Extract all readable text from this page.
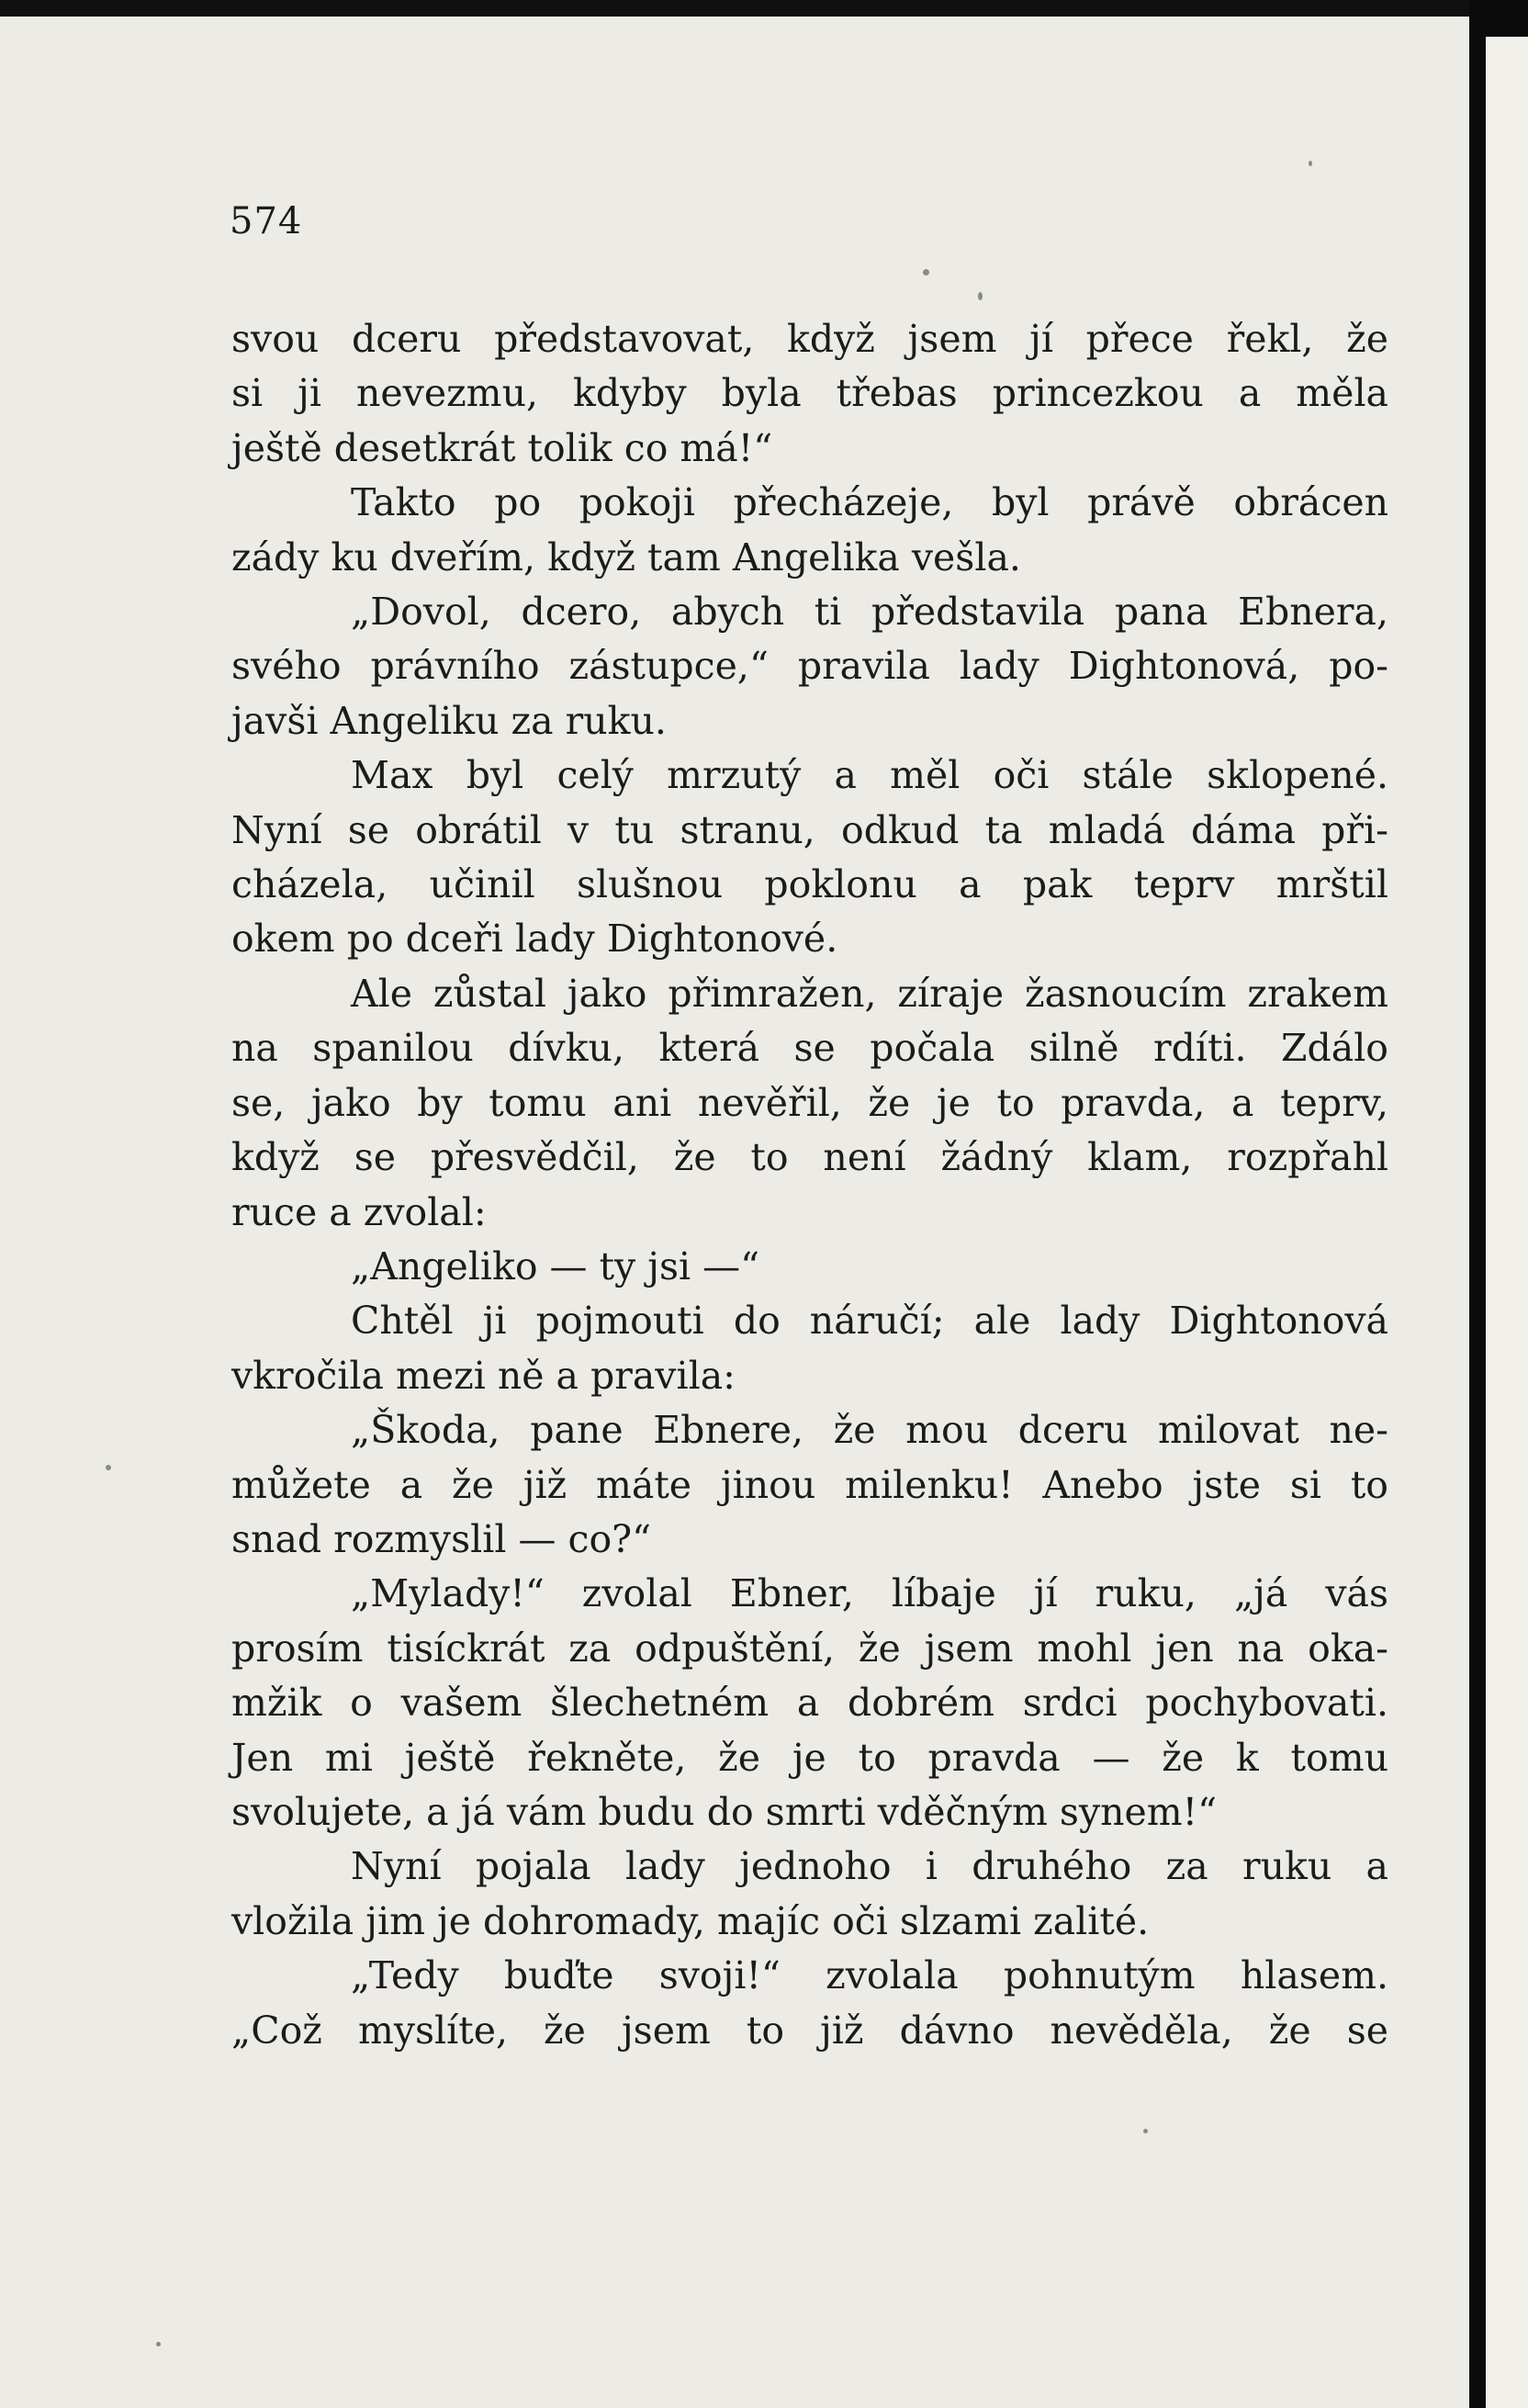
574
svou dceru představovat, když jsem jí přece řekl, že
si ji nevezmu, kdyby byla třebas princezkou a měla
ještě desetkrát tolik co má!“
Takto po pokoji přecházeje, byl právě obrácen
zády ku dveřím, když tam Angelika vešla.
„Dovol, dcero, abych ti představila pana Ebnera,
svého právního zástupce,“ pravila lady Dightonová, po-
javši Angeliku za ruku.
Max byl celý mrzutý a měl oči stále sklopené.
Nyní se obrátil v tu stranu, odkud ta mladá dáma při-
cházela, učinil slušnou poklonu a pak teprv mrštil
okem po dceři lady Dightonové.
Ale zůstal jako přimražen, zíraje žasnoucím zrakem
na spanilou dívku, která se počala silně rdíti. Zdálo
se, jako by tomu ani nevěřil, že je to pravda, a teprv,
když se přesvědčil, že to není žádný klam, rozpřahl
ruce a zvolal:
„Angeliko — ty jsi —“
Chtěl ji pojmouti do náručí; ale lady Dightonová
vkročila mezi ně a pravila:
„Škoda, pane Ebnere, že mou dceru milovat ne-
můžete a že již máte jinou milenku! Anebo jste si to
snad rozmyslil — co?“
„Mylady!“ zvolal Ebner, líbaje jí ruku, „já vás
prosím tisíckrát za odpuštění, že jsem mohl jen na oka-
mžik o vašem šlechetném a dobrém srdci pochybovati.
Jen mi ještě řekněte, že je to pravda — že k tomu
svolujete, a já vám budu do smrti vděčným synem!“
Nyní pojala lady jednoho i druhého za ruku a
vložila jim je dohromady, majíc oči slzami zalité.
„Tedy buďte svoji!“ zvolala pohnutým hlasem.
„Což myslíte, že jsem to již dávno nevěděla, že se
